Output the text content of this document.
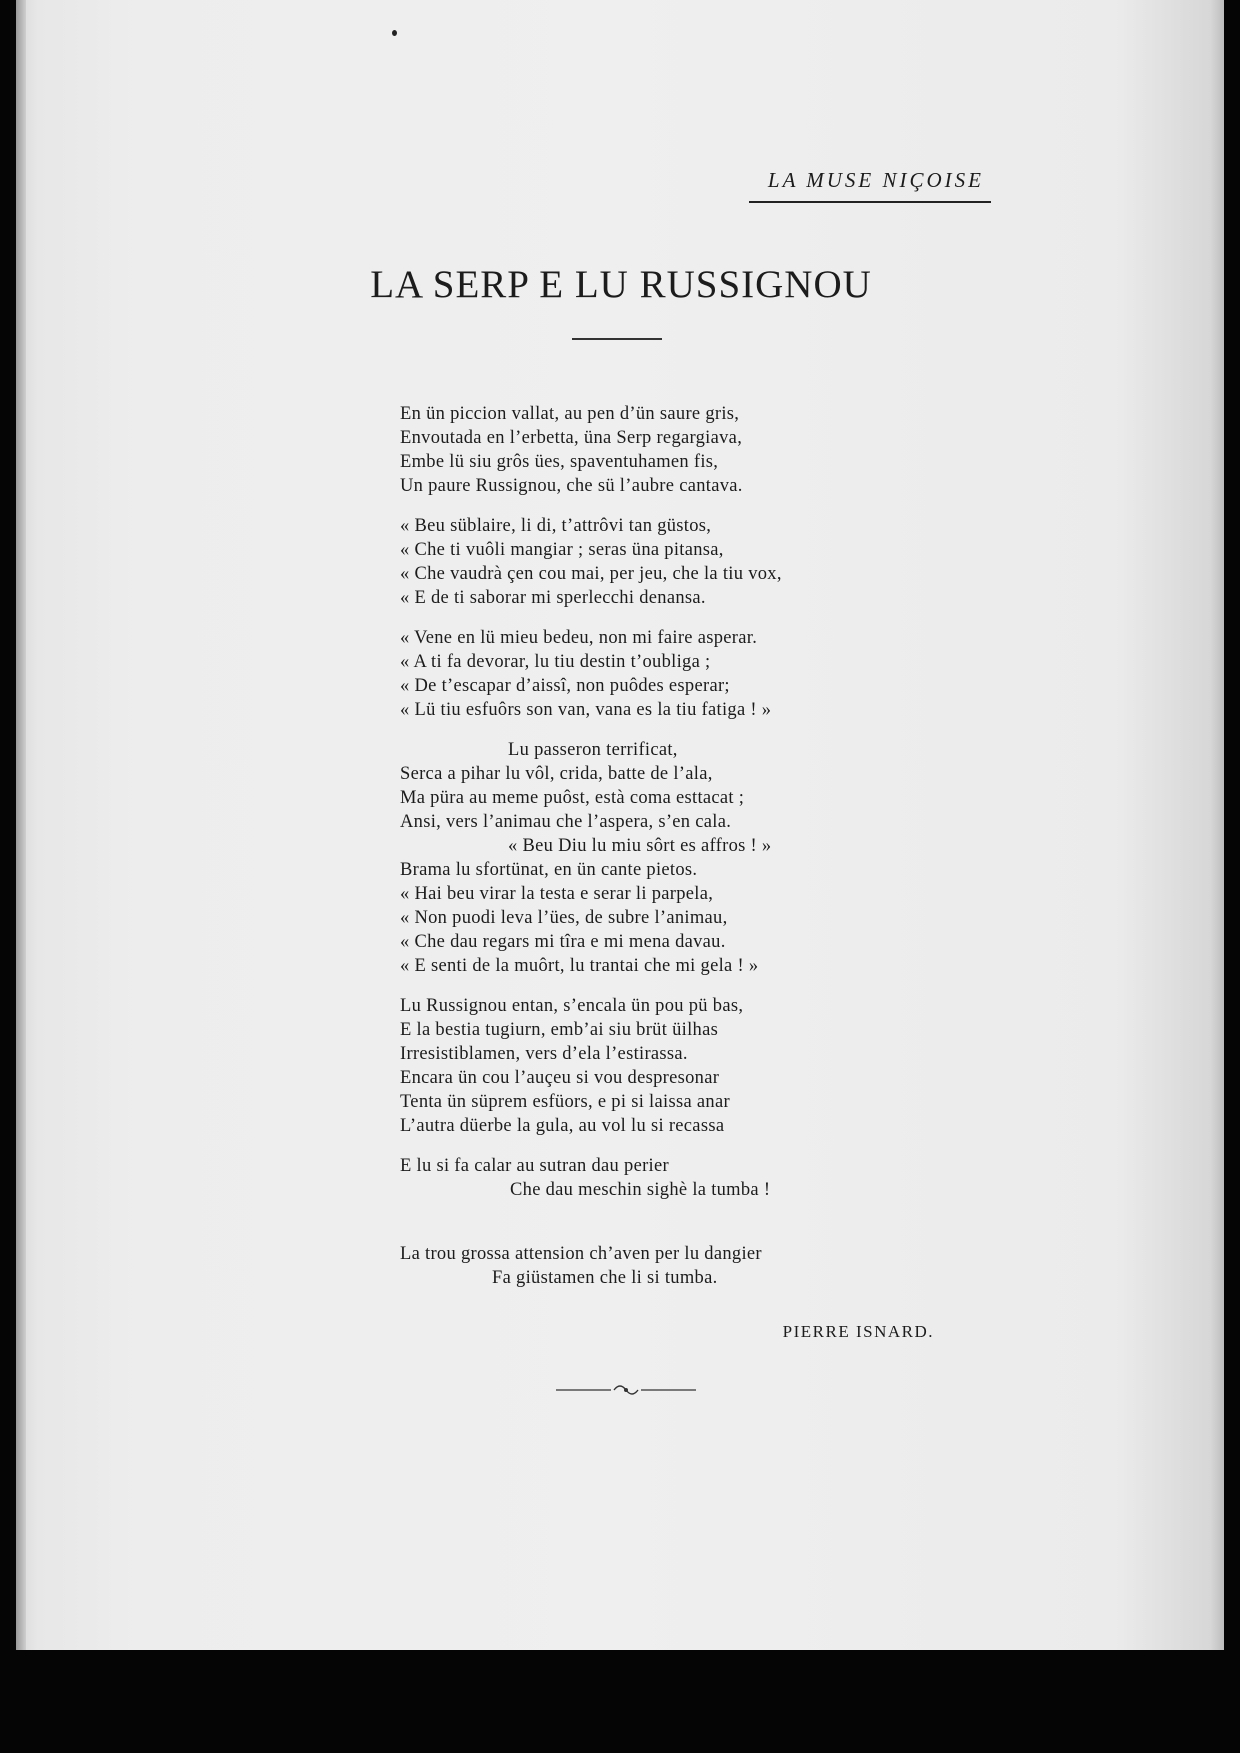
LA MUSE NIÇOISE
LA SERP E LU RUSSIGNOU
En ün piccion vallat, au pen d’ün saure gris,
Envoutada en l’erbetta, üna Serp regargiava,
Embe lü siu grôs ües, spaventuhamen fis,
Un paure Russignou, che sü l’aubre cantava.
« Beu süblaire, li di, t’attrôvi tan güstos,
« Che ti vuôli mangiar ; seras üna pitansa,
« Che vaudrà çen cou mai, per jeu, che la tiu vox,
« E de ti saborar mi sperlecchi denansa.
« Vene en lü mieu bedeu, non mi faire asperar.
« A ti fa devorar, lu tiu destin t’oubliga ;
« De t’escapar d’aissî, non puôdes esperar;
« Lü tiu esfuôrs son van, vana es la tiu fatiga ! »
Lu passeron terrificat,
Serca a pihar lu vôl, crida, batte de l’ala,
Ma püra au meme puôst, està coma esttacat ;
Ansi, vers l’animau che l’aspera, s’en cala.
« Beu Diu lu miu sôrt es affros ! »
Brama lu sfortünat, en ün cante pietos.
« Hai beu virar la testa e serar li parpela,
« Non puodi leva l’ües, de subre l’animau,
« Che dau regars mi tîra e mi mena davau.
« E senti de la muôrt, lu trantai che mi gela ! »
Lu Russignou entan, s’encala ün pou pü bas,
E la bestia tugiurn, emb’ai siu brüt üilhas
Irresistiblamen, vers d’ela l’estirassa.
Encara ün cou l’auçeu si vou despresonar
Tenta ün süprem esfüors, e pi si laissa anar
L’autra düerbe la gula, au vol lu si recassa
E lu si fa calar au sutran dau perier
Che dau meschin sighè la tumba !
La trou grossa attension ch’aven per lu dangier
Fa giüstamen che li si tumba.
PIERRE ISNARD.
